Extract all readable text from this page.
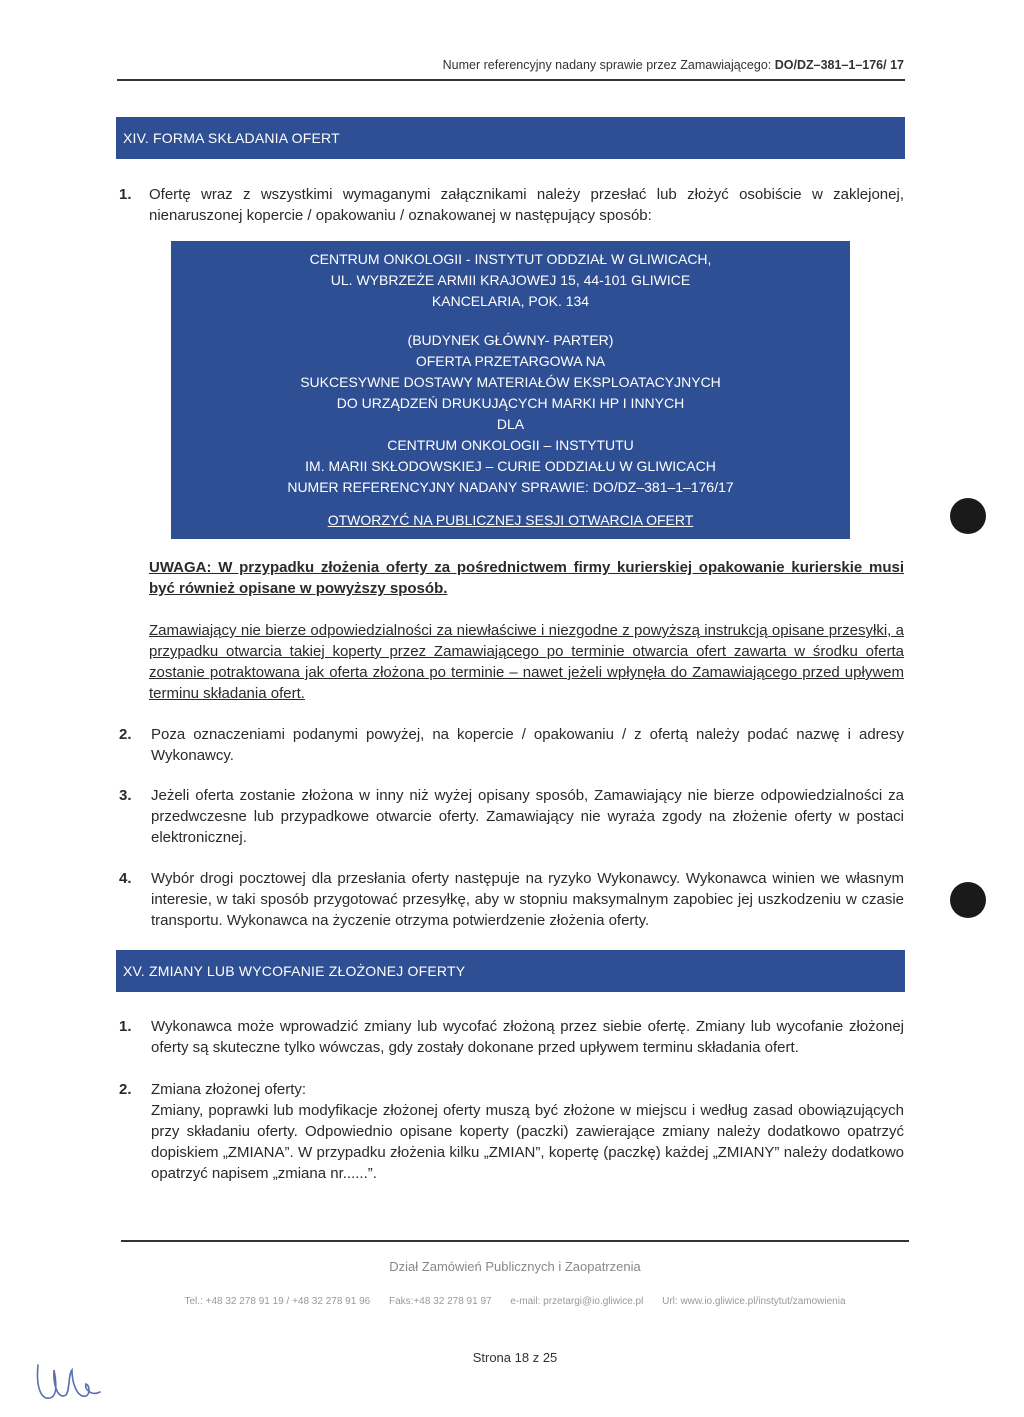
Numer referencyjny nadany sprawie przez Zamawiającego: DO/DZ–381–1–176/ 17
XIV. FORMA SKŁADANIA OFERT
1. Ofertę wraz z wszystkimi wymaganymi załącznikami należy przesłać lub złożyć osobiście w zaklejonej, nienaruszonej kopercie / opakowaniu / oznakowanej w następujący sposób:
CENTRUM ONKOLOGII - INSTYTUT ODDZIAŁ W GLIWICACH,
UL. WYBRZEŻE ARMII KRAJOWEJ 15, 44-101 GLIWICE
KANCELARIA, POK. 134
(BUDYNEK GŁÓWNY- PARTER)
OFERTA PRZETARGOWA NA
SUKCESYWNE DOSTAWY MATERIAŁÓW EKSPLOATACYJNYCH
DO URZĄDZEŃ DRUKUJĄCYCH MARKI HP I INNYCH
DLA
CENTRUM ONKOLOGII – INSTYTUTU
IM. MARII SKŁODOWSKIEJ – CURIE ODDZIAŁU W GLIWICACH
NUMER REFERENCYJNY NADANY SPRAWIE: DO/DZ–381–1–176/17
OTWORZYĆ NA PUBLICZNEJ SESJI OTWARCIA OFERT
UWAGA: W przypadku złożenia oferty za pośrednictwem firmy kurierskiej opakowanie kurierskie musi być również opisane w powyższy sposób.
Zamawiający nie bierze odpowiedzialności za niewłaściwe i niezgodne z powyższą instrukcją opisane przesyłki, a przypadku otwarcia takiej koperty przez Zamawiającego po terminie otwarcia ofert zawarta w środku oferta zostanie potraktowana jak oferta złożona po terminie – nawet jeżeli wpłynęła do Zamawiającego przed upływem terminu składania ofert.
2. Poza oznaczeniami podanymi powyżej, na kopercie / opakowaniu / z ofertą należy podać nazwę i adresy Wykonawcy.
3. Jeżeli oferta zostanie złożona w inny niż wyżej opisany sposób, Zamawiający nie bierze odpowiedzialności za przedwczesne lub przypadkowe otwarcie oferty. Zamawiający nie wyraża zgody na złożenie oferty w postaci elektronicznej.
4. Wybór drogi pocztowej dla przesłania oferty następuje na ryzyko Wykonawcy. Wykonawca winien we własnym interesie, w taki sposób przygotować przesyłkę, aby w stopniu maksymalnym zapobiec jej uszkodzeniu w czasie transportu. Wykonawca na życzenie otrzyma potwierdzenie złożenia oferty.
XV. ZMIANY LUB WYCOFANIE ZŁOŻONEJ OFERTY
1. Wykonawca może wprowadzić zmiany lub wycofać złożoną przez siebie ofertę. Zmiany lub wycofanie złożonej oferty są skuteczne tylko wówczas, gdy zostały dokonane przed upływem terminu składania ofert.
2. Zmiana złożonej oferty:
Zmiany, poprawki lub modyfikacje złożonej oferty muszą być złożone w miejscu i według zasad obowiązujących przy składaniu oferty. Odpowiednio opisane koperty (paczki) zawierające zmiany należy dodatkowo opatrzyć dopiskiem „ZMIANA”. W przypadku złożenia kilku „ZMIAN”, kopertę (paczkę) każdej „ZMIANY” należy dodatkowo opatrzyć napisem „zmiana nr......”.
Dział Zamówień Publicznych i Zaopatrzenia
Tel.: +48 32 278 91 19 / +48 32 278 91 96 Faks:+48 32 278 91 97 e-mail: przetargi@io.gliwice.pl Url: www.io.gliwice.pl/instytut/zamowienia
Strona 18 z 25
